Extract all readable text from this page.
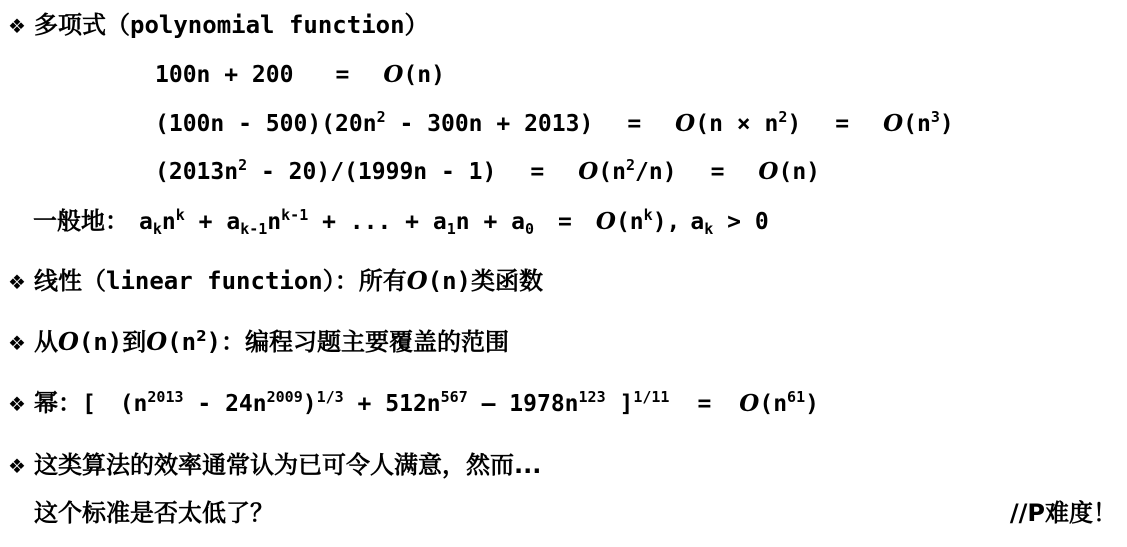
❖ 多项式（polynomial function）
100n + 200 = O(n)
$(100n - 500)(20n^2 - 300n + 2013) = O(n \times n^2) = O(n^3)$
$(2013n^2 - 20)/(1999n - 1) = O(n^2/n) = O(n)$
一般地： $a_kn^k + a_{k-1}n^{k-1}$ + ... + $a_1n + a_0 = O(n^k)$, $a_k > 0$
❖ 线性（linear function）：所有O(n)类函数
❖ 从O(n)到$O(n^2)$：编程习题主要覆盖的范围
❖ 幂：[ $(n^{2013} - 24n^{2009})^{1/3} + 512n^{567} - 1978n^{123}$ ]$^{1/11} = O(n^{61})$
❖ 这类算法的效率通常认为已可令人满意，然而...
这个标准是否太低了？	//P难度！
